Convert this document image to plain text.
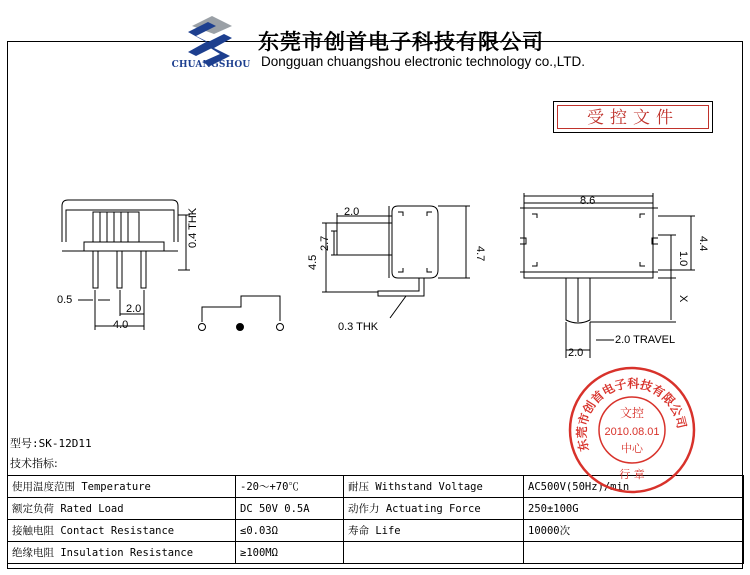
CHUANGSHOU
东莞市创首电子科技有限公司
Dongguan chuangshou electronic technology co.,LTD.
受控文件
0.4 THK
0.5
2.0
4.0
2.0
4.5
2.7
4.7
0.3 THK
8.6
4.4
1.0
X
2.0 TRAVEL
2.0
型号:SK-12D11
技术指标:
使用温度范围 Temperature	-20～+70℃	耐压 Withstand Voltage	AC500V(50Hz)/min
额定负荷 Rated Load	DC 50V 0.5A	动作力 Actuating Force	250±100G
接触电阻 Contact Resistance	≤0.03Ω	寿命 Life	10000次
绝缘电阻 Insulation Resistance	≥100MΩ		
东莞市创首电子科技有限公司
文控
2010.08.01
中心
行 章
